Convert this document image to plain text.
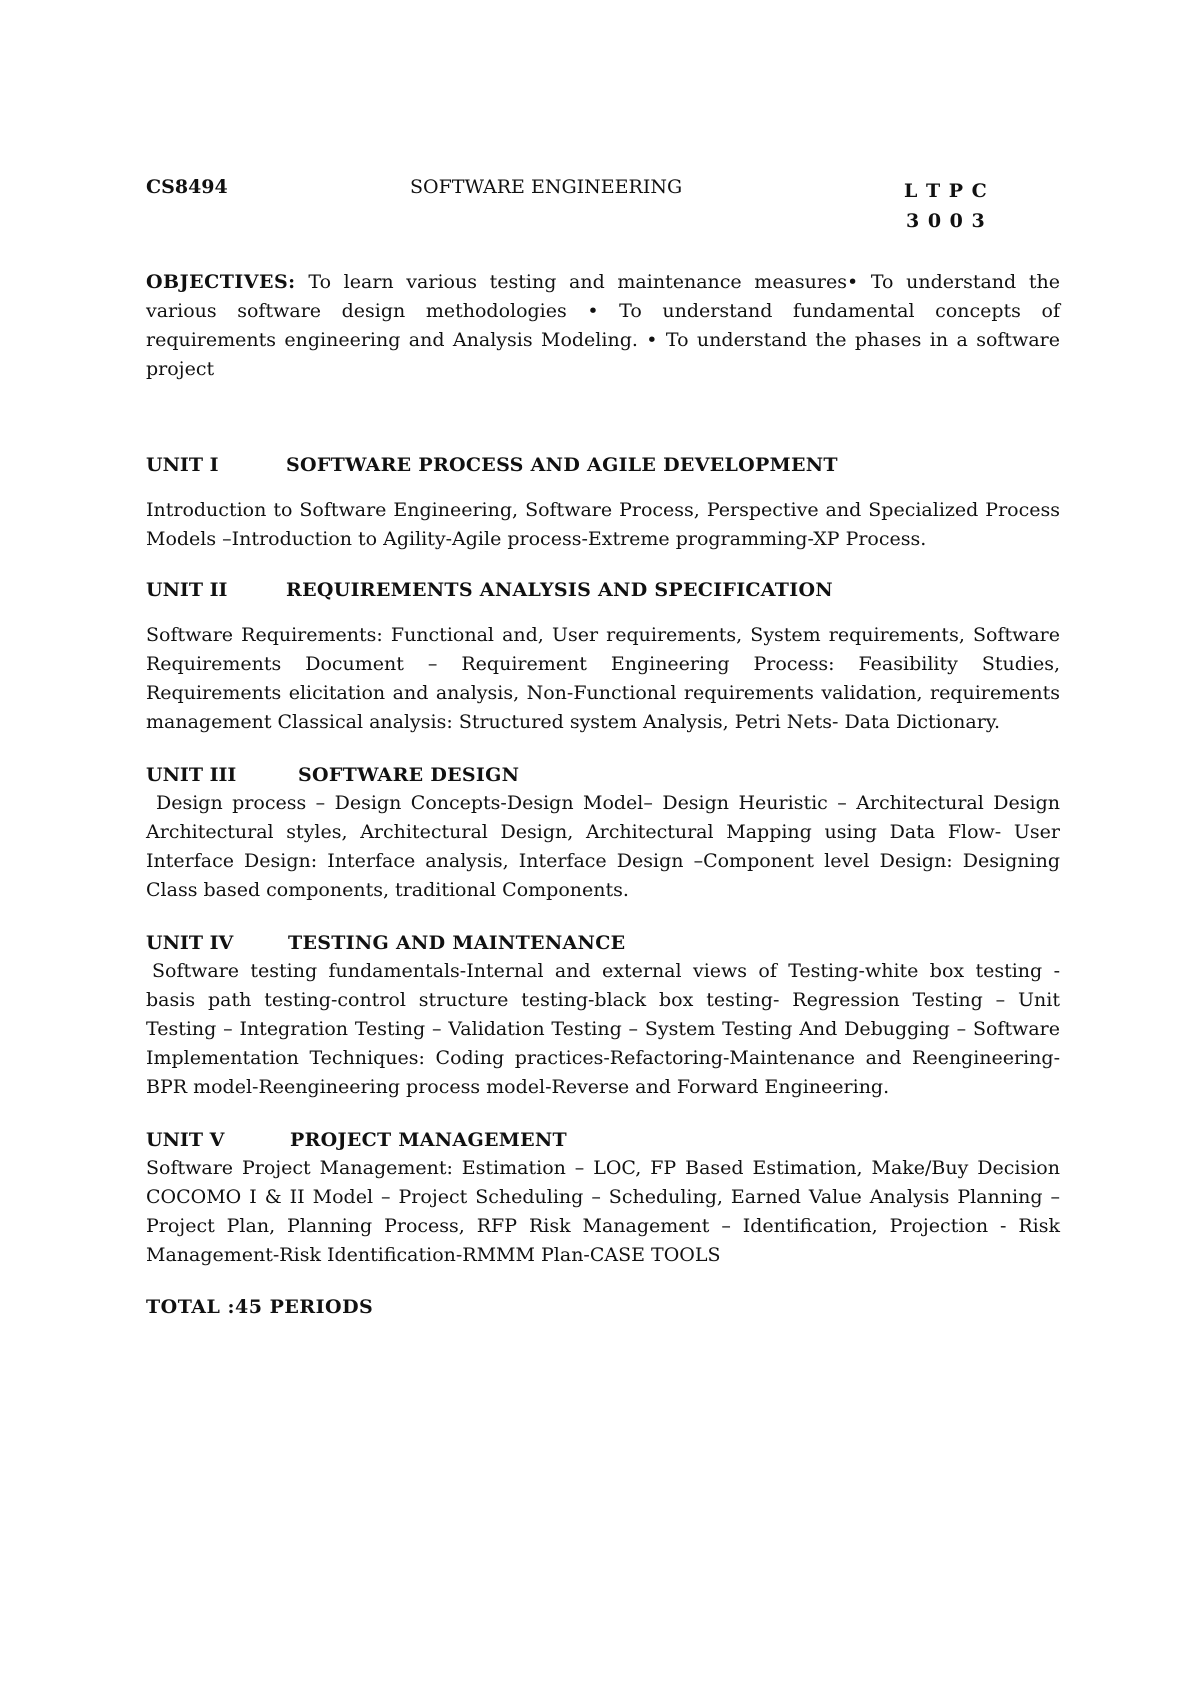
CS8494	SOFTWARE ENGINEERING	L T P C
3 0 0 3
OBJECTIVES: To learn various testing and maintenance measures• To understand the various software design methodologies • To understand fundamental concepts of requirements engineering and Analysis Modeling. • To understand the phases in a software project
UNIT I	SOFTWARE PROCESS AND AGILE DEVELOPMENT
Introduction to Software Engineering, Software Process, Perspective and Specialized Process Models –Introduction to Agility-Agile process-Extreme programming-XP Process.
UNIT II	REQUIREMENTS ANALYSIS AND SPECIFICATION
Software Requirements: Functional and, User requirements, System requirements, Software Requirements Document – Requirement Engineering Process: Feasibility Studies, Requirements elicitation and analysis, Non-Functional requirements validation, requirements management Classical analysis: Structured system Analysis, Petri Nets- Data Dictionary.
UNIT III	SOFTWARE DESIGN
Design process – Design Concepts-Design Model– Design Heuristic – Architectural Design Architectural styles, Architectural Design, Architectural Mapping using Data Flow- User Interface Design: Interface analysis, Interface Design –Component level Design: Designing Class based components, traditional Components.
UNIT IV	TESTING AND MAINTENANCE
Software testing fundamentals-Internal and external views of Testing-white box testing - basis path testing-control structure testing-black box testing- Regression Testing – Unit Testing – Integration Testing – Validation Testing – System Testing And Debugging – Software Implementation Techniques: Coding practices-Refactoring-Maintenance and Reengineering-BPR model-Reengineering process model-Reverse and Forward Engineering.
UNIT V	PROJECT MANAGEMENT
Software Project Management: Estimation – LOC, FP Based Estimation, Make/Buy Decision COCOMO I & II Model – Project Scheduling – Scheduling, Earned Value Analysis Planning – Project Plan, Planning Process, RFP Risk Management – Identification, Projection - Risk Management-Risk Identification-RMMM Plan-CASE TOOLS
TOTAL :45 PERIODS
